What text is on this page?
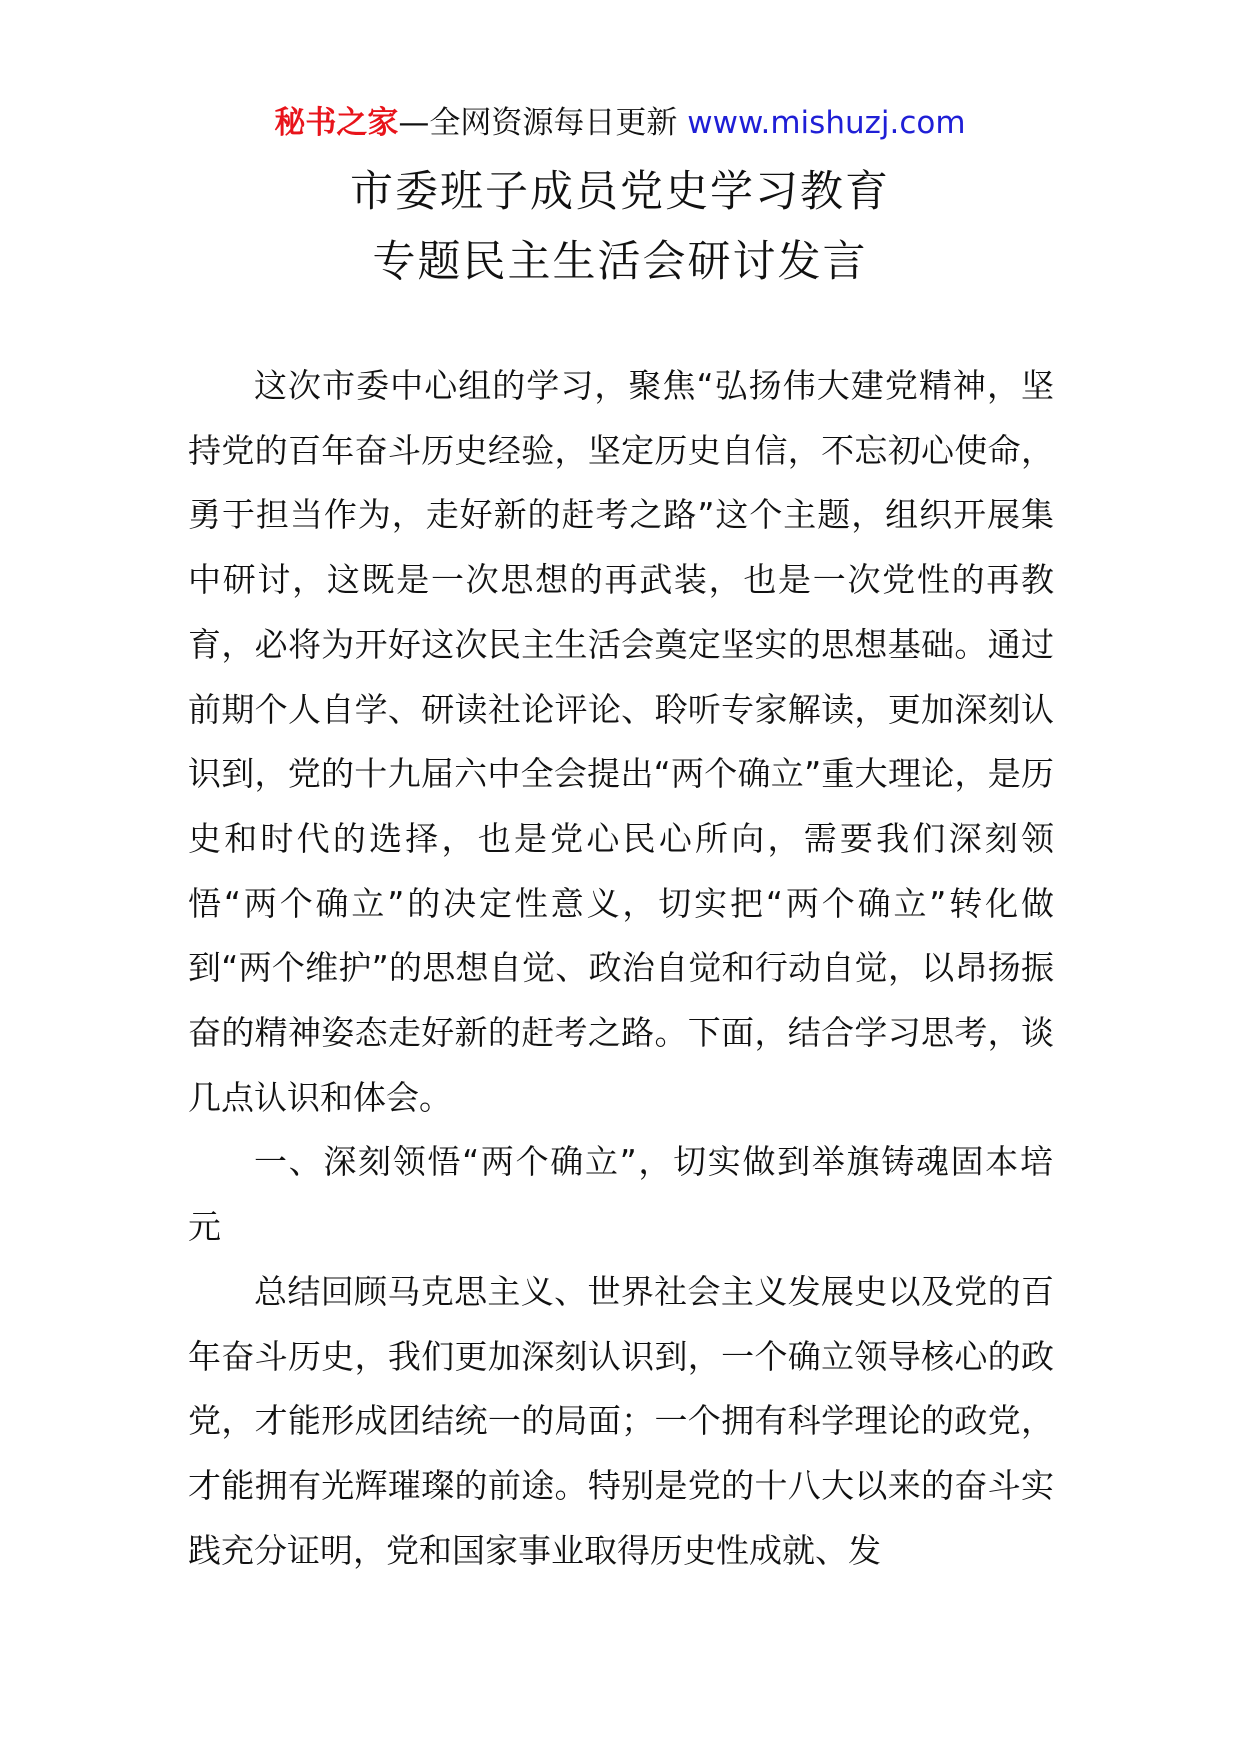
秘书之家—全网资源每日更新 www.mishuzj.com
市委班子成员党史学习教育
专题民主生活会研讨发言

这次市委中心组的学习，聚焦“弘扬伟大建党精神，坚持党的百年奋斗历史经验，坚定历史自信，不忘初心使命，勇于担当作为，走好新的赶考之路”这个主题，组织开展集中研讨，这既是一次思想的再武装，也是一次党性的再教育，必将为开好这次民主生活会奠定坚实的思想基础。通过前期个人自学、研读社论评论、聆听专家解读，更加深刻认识到，党的十九届六中全会提出“两个确立”重大理论，是历史和时代的选择，也是党心民心所向，需要我们深刻领悟“两个确立”的决定性意义，切实把“两个确立”转化做到“两个维护”的思想自觉、政治自觉和行动自觉，以昂扬振奋的精神姿态走好新的赶考之路。下面，结合学习思考，谈几点认识和体会。

一、深刻领悟“两个确立”，切实做到举旗铸魂固本培元

总结回顾马克思主义、世界社会主义发展史以及党的百年奋斗历史，我们更加深刻认识到，一个确立领导核心的政党，才能形成团结统一的局面；一个拥有科学理论的政党，才能拥有光辉璀璨的前途。特别是党的十八大以来的奋斗实践充分证明，党和国家事业取得历史性成就、发
